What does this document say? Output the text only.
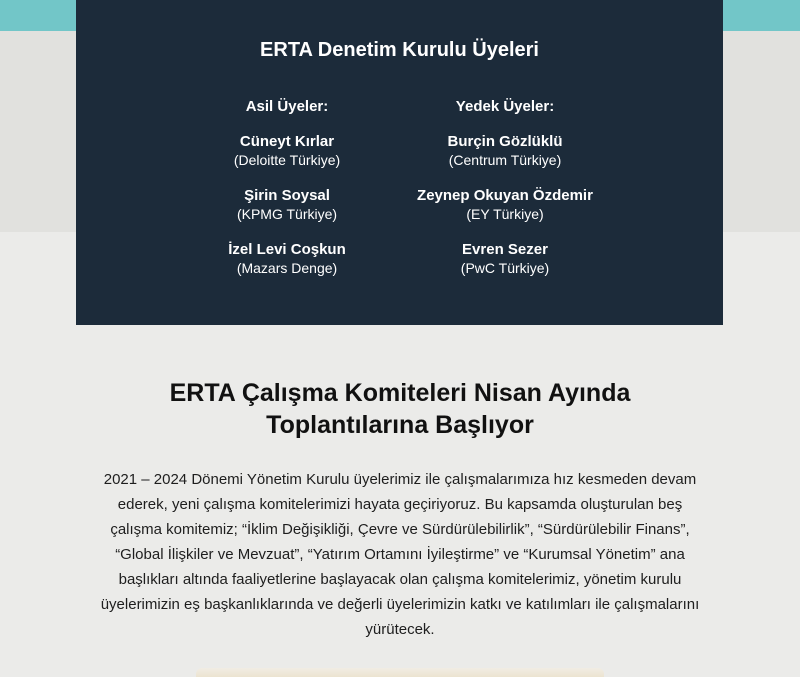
ERTA Denetim Kurulu Üyeleri
Asil Üyeler:
Cüneyt Kırlar
(Deloitte Türkiye)
Şirin Soysal
(KPMG Türkiye)
İzel Levi Coşkun
(Mazars Denge)
Yedek Üyeler:
Burçin Gözlüklü
(Centrum Türkiye)
Zeynep Okuyan Özdemir
(EY Türkiye)
Evren Sezer
(PwC Türkiye)
ERTA Çalışma Komiteleri Nisan Ayında Toplantılarına Başlıyor

2021 – 2024 Dönemi Yönetim Kurulu üyelerimiz ile çalışmalarımıza hız kesmeden devam ederek, yeni çalışma komitelerimizi hayata geçiriyoruz. Bu kapsamda oluşturulan beş çalışma komitemiz; “İklim Değişikliği, Çevre ve Sürdürülebilirlik”, “Sürdürülebilir Finans”, “Global İlişkiler ve Mevzuat”, “Yatırım Ortamını İyileştirme” ve “Kurumsal Yönetim” ana başlıkları altında faaliyetlerine başlayacak olan çalışma komitelerimiz, yönetim kurulu üyelerimizin eş başkanlıklarında ve değerli üyelerimizin katkı ve katılımları ile çalışmalarını yürütecek.
